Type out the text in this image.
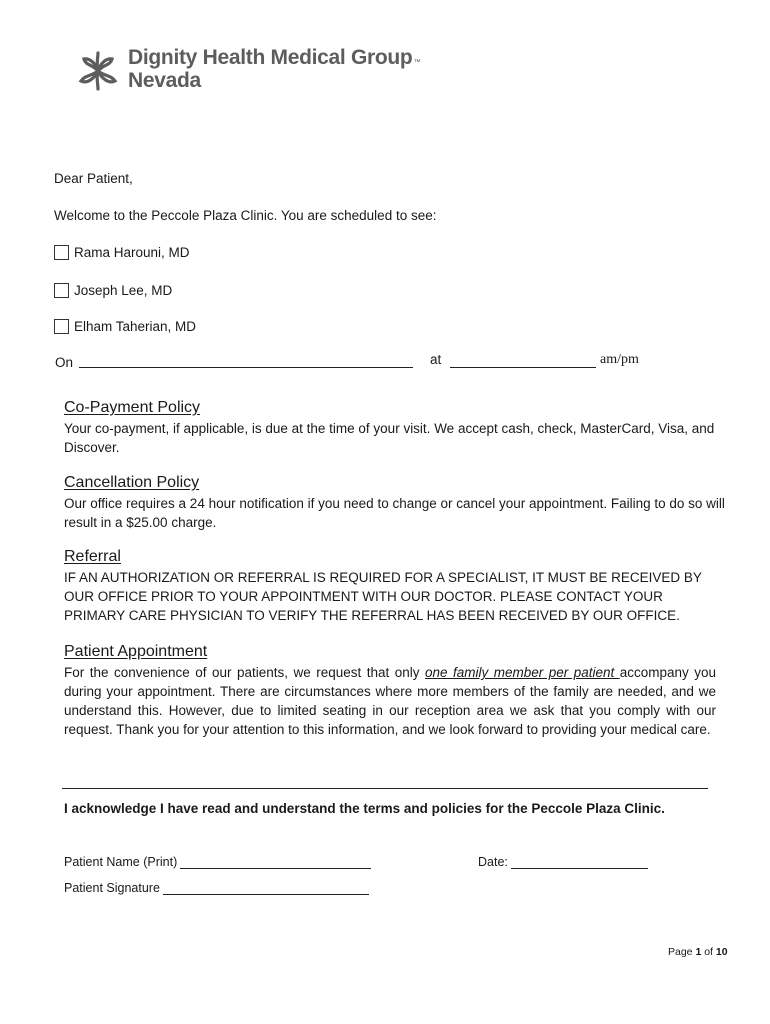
Dignity Health Medical Group™
Nevada
Dear Patient,
Welcome to the Peccole Plaza Clinic. You are scheduled to see:
Rama Harouni, MD
Joseph Lee, MD
Elham Taherian, MD
On	at	am/pm
Co-Payment Policy

Your co-payment, if applicable, is due at the time of your visit. We accept cash, check, MasterCard, Visa, and Discover.

Cancellation Policy

Our office requires a 24 hour notification if you need to change or cancel your appointment. Failing to do so will result in a $25.00 charge.

Referral

IF AN AUTHORIZATION OR REFERRAL IS REQUIRED FOR A SPECIALIST, IT MUST BE RECEIVED BY OUR OFFICE PRIOR TO YOUR APPOINTMENT WITH OUR DOCTOR. PLEASE CONTACT YOUR PRIMARY CARE PHYSICIAN TO VERIFY THE REFERRAL HAS BEEN RECEIVED BY OUR OFFICE.

Patient Appointment

For the convenience of our patients, we request that only one family member per patient accompany you during your appointment. There are circumstances where more members of the family are needed, and we understand this. However, due to limited seating in our reception area we ask that you comply with our request. Thank you for your attention to this information, and we look forward to providing your medical care.

I acknowledge I have read and understand the terms and policies for the Peccole Plaza Clinic.
Patient Name (Print)	Date:
Patient Signature
Page 1 of 10
